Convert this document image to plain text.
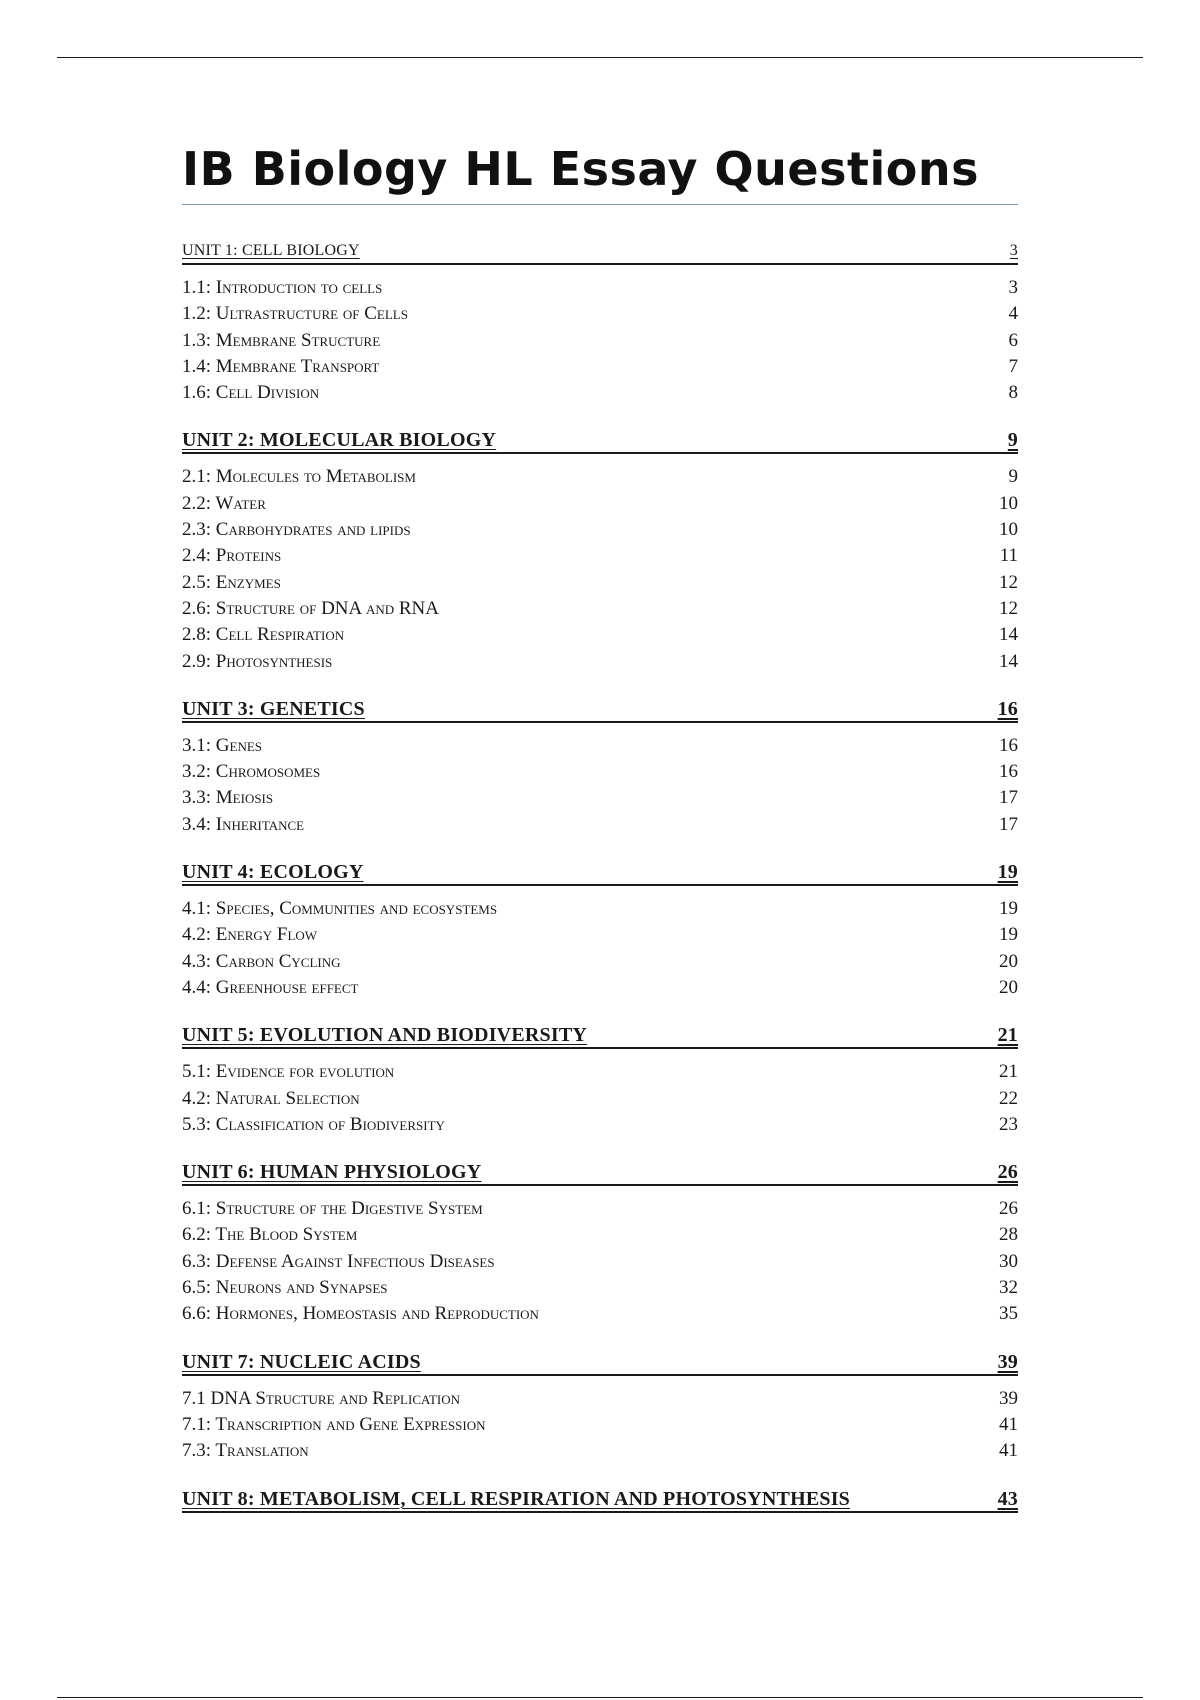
IB Biology HL Essay Questions
UNIT 1: CELL BIOLOGY	3
1.1: Introduction to cells	3
1.2: Ultrastructure of Cells	4
1.3: Membrane Structure	6
1.4: Membrane Transport	7
1.6: Cell Division	8
UNIT 2: MOLECULAR BIOLOGY	9
2.1: Molecules to Metabolism	9
2.2: Water	10
2.3: Carbohydrates and lipids	10
2.4: Proteins	11
2.5: Enzymes	12
2.6: Structure of DNA and RNA	12
2.8: Cell Respiration	14
2.9: Photosynthesis	14
UNIT 3: GENETICS	16
3.1: Genes	16
3.2: Chromosomes	16
3.3: Meiosis	17
3.4: Inheritance	17
UNIT 4: ECOLOGY	19
4.1: Species, Communities and ecosystems	19
4.2: Energy Flow	19
4.3: Carbon Cycling	20
4.4: Greenhouse effect	20
UNIT 5: EVOLUTION AND BIODIVERSITY	21
5.1: Evidence for evolution	21
4.2: Natural Selection	22
5.3: Classification of Biodiversity	23
UNIT 6: HUMAN PHYSIOLOGY	26
6.1: Structure of the Digestive System	26
6.2: The Blood System	28
6.3: Defense Against Infectious Diseases	30
6.5: Neurons and Synapses	32
6.6: Hormones, Homeostasis and Reproduction	35
UNIT 7: NUCLEIC ACIDS	39
7.1 DNA Structure and Replication	39
7.1: Transcription and Gene Expression	41
7.3: Translation	41
UNIT 8: METABOLISM, CELL RESPIRATION AND PHOTOSYNTHESIS	43
